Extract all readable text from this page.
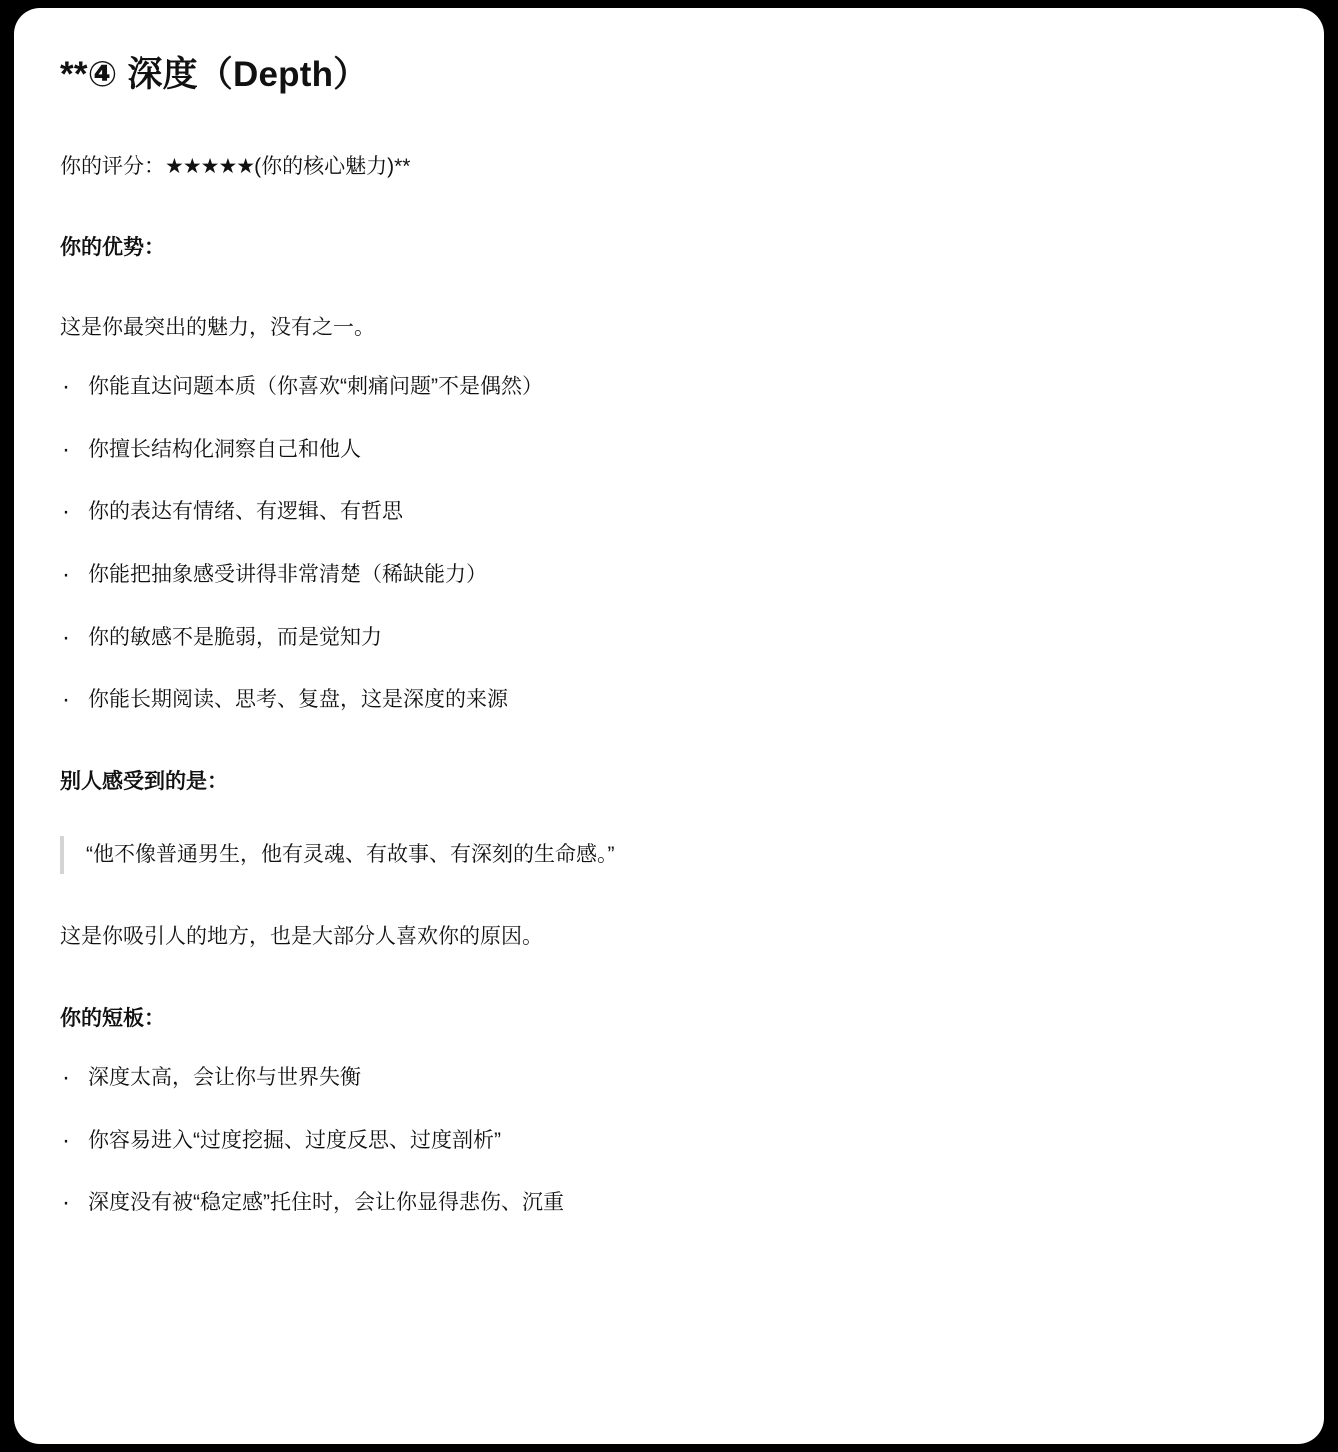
**④ 深度（Depth）
你的评分：★★★★★(你的核心魅力)**
你的优势：

这是你最突出的魅力，没有之一。

· 你能直达问题本质（你喜欢“刺痛问题”不是偶然）
· 你擅长结构化洞察自己和他人
· 你的表达有情绪、有逻辑、有哲思
· 你能把抽象感受讲得非常清楚（稀缺能力）
· 你的敏感不是脆弱，而是觉知力
· 你能长期阅读、思考、复盘，这是深度的来源
别人感受到的是：
“他不像普通男生，他有灵魂、有故事、有深刻的生命感。”

这是你吸引人的地方，也是大部分人喜欢你的原因。

你的短板：
· 深度太高，会让你与世界失衡
· 你容易进入“过度挖掘、过度反思、过度剖析”
· 深度没有被“稳定感”托住时，会让你显得悲伤、沉重
